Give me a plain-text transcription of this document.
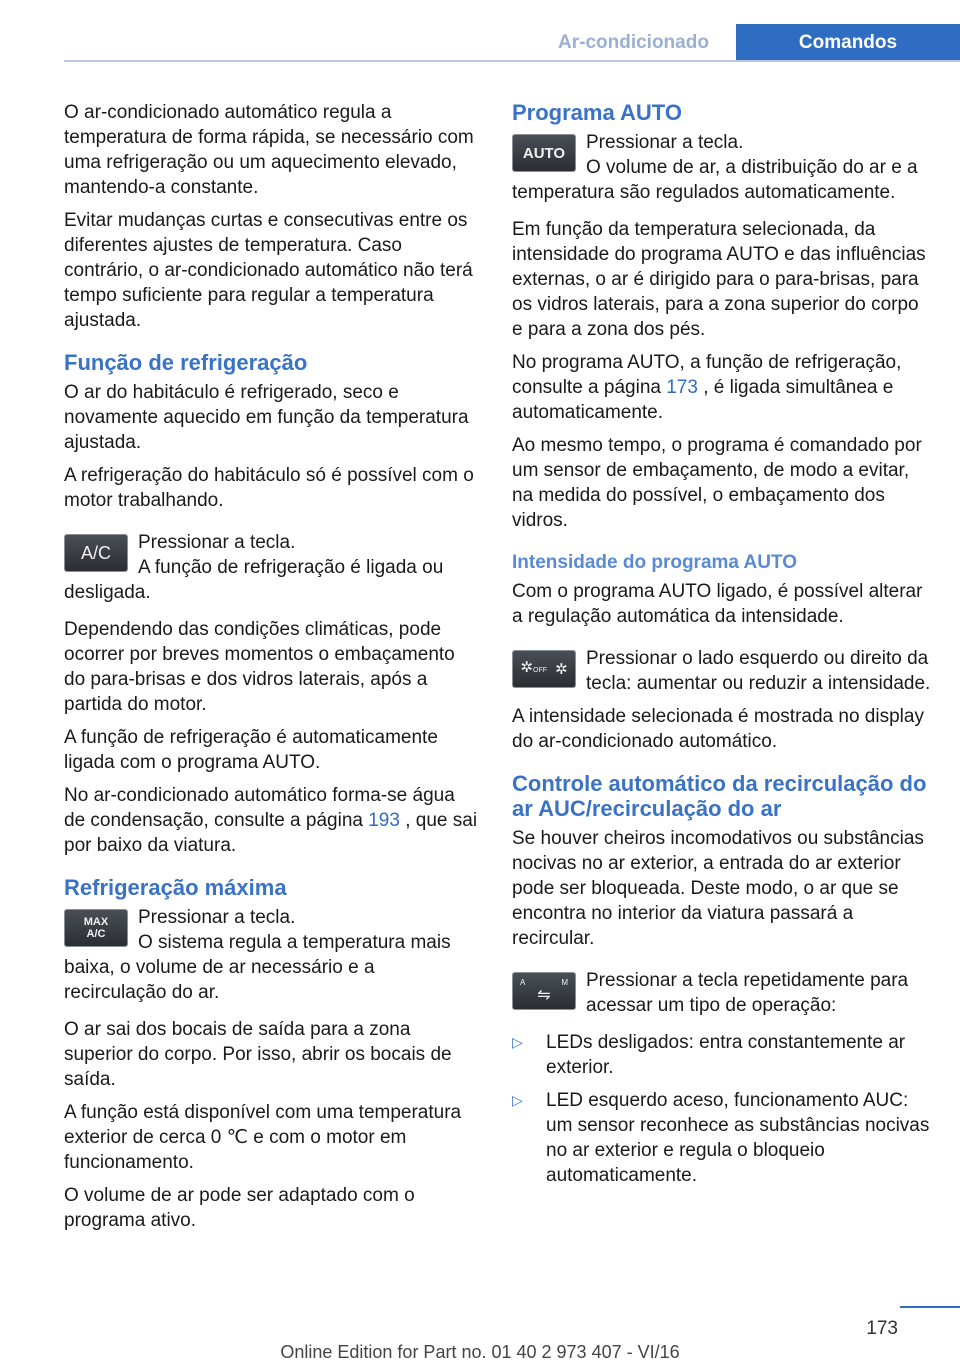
Ar-condicionado	Comandos

O ar-condicionado automático regula a temperatura de forma rápida, se necessário com uma refrigeração ou um aquecimento elevado, mantendo-a constante.

Evitar mudanças curtas e consecutivas entre os diferentes ajustes de temperatura. Caso contrário, o ar-condicionado automático não terá tempo suficiente para regular a temperatura ajustada.

Função de refrigeração

O ar do habitáculo é refrigerado, seco e novamente aquecido em função da temperatura ajustada.

A refrigeração do habitáculo só é possível com o motor trabalhando.

A/C	Pressionar a tecla.

A função de refrigeração é ligada ou desligada.

Dependendo das condições climáticas, pode ocorrer por breves momentos o embaçamento do para-brisas e dos vidros laterais, após a partida do motor.

A função de refrigeração é automaticamente ligada com o programa AUTO.

No ar-condicionado automático forma-se água de condensação, consulte a página 193 , que sai por baixo da viatura.

Refrigeração máxima
MAX
A/C

Pressionar a tecla.

O sistema regula a temperatura mais baixa, o volume de ar necessário e a recirculação do ar.

O ar sai dos bocais de saída para a zona superior do corpo. Por isso, abrir os bocais de saída.

A função está disponível com uma temperatura exterior de cerca 0 ℃ e com o motor em funcionamento.

O volume de ar pode ser adaptado com o programa ativo.

Programa AUTO
AUTO	Pressionar a tecla.

O volume de ar, a distribuição do ar e a temperatura são regulados automaticamente.

Em função da temperatura selecionada, da intensidade do programa AUTO e das influências externas, o ar é dirigido para o para-brisas, para os vidros laterais, para a zona superior do corpo e para a zona dos pés.

No programa AUTO, a função de refrigeração, consulte a página 173 , é ligada simultânea e automaticamente.

Ao mesmo tempo, o programa é comandado por um sensor de embaçamento, de modo a evitar, na medida do possível, o embaçamento dos vidros.

Intensidade do programa AUTO

Com o programa AUTO ligado, é possível alterar a regulação automática da intensidade.

✲OFF ✲ Pressionar o lado esquerdo ou direito da tecla: aumentar ou reduzir a intensidade.

A intensidade selecionada é mostrada no display do ar-condicionado automático.

Controle automático da recirculação do ar AUC/recirculação do ar

Se houver cheiros incomodativos ou substâncias nocivas no ar exterior, a entrada do ar exterior pode ser bloqueada. Deste modo, o ar que se encontra no interior da viatura passará a recircular.

A	M
⇋

Pressionar a tecla repetidamente para acessar um tipo de operação:

▷ LEDs desligados: entra constantemente ar exterior.
▷ LED esquerdo aceso, funcionamento AUC: um sensor reconhece as substâncias nocivas no ar exterior e regula o bloqueio automaticamente.
173
Online Edition for Part no. 01 40 2 973 407 - VI/16
